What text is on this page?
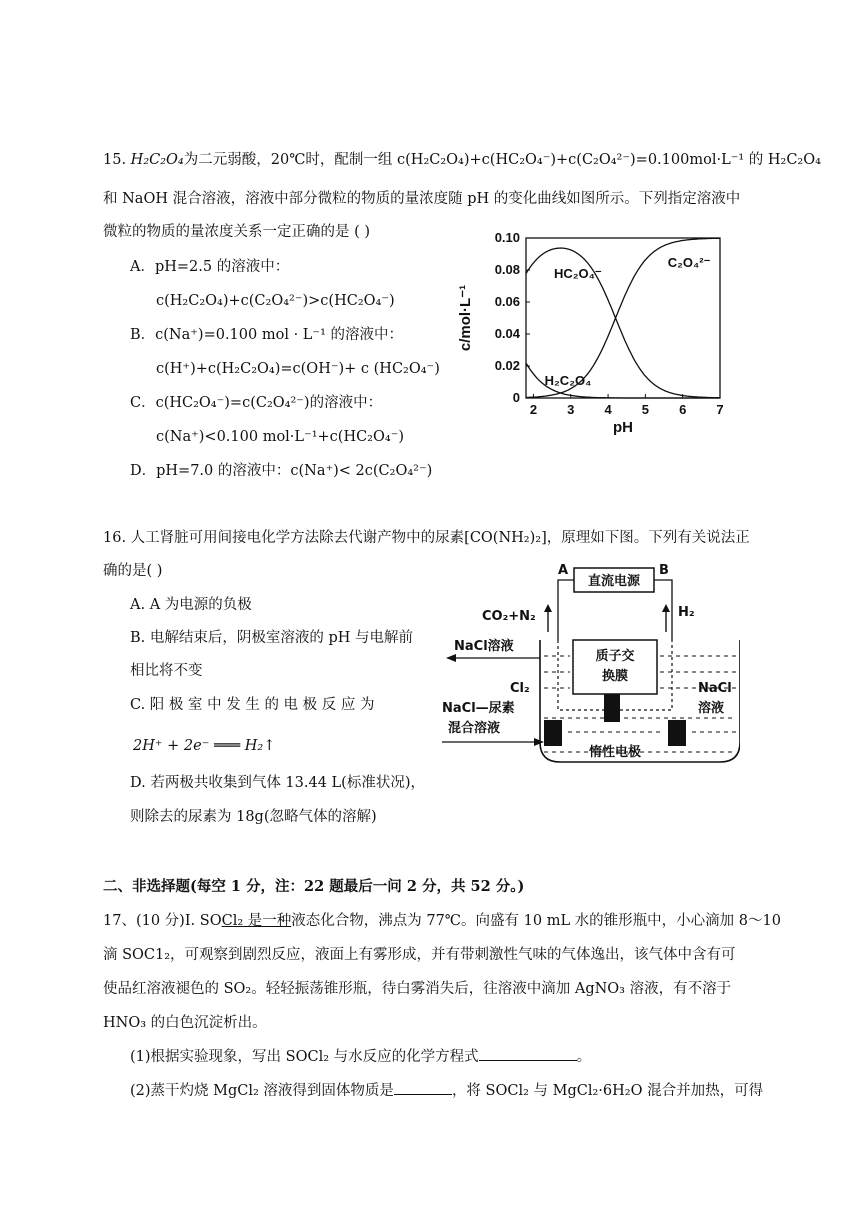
15. H₂C₂O₄为二元弱酸，20℃时，配制一组 c(H₂C₂O₄)+c(HC₂O₄⁻)+c(C₂O₄²⁻)=0.100mol·L⁻¹ 的 H₂C₂O₄
和 NaOH 混合溶液，溶液中部分微粒的物质的量浓度随 pH 的变化曲线如图所示。下列指定溶液中
微粒的物质的量浓度关系一定正确的是 ( )
A．pH=2.5 的溶液中：
c(H₂C₂O₄)+c(C₂O₄²⁻)>c(HC₂O₄⁻)
B．c(Na⁺)=0.100 mol · L⁻¹ 的溶液中：
c(H⁺)+c(H₂C₂O₄)=c(OH⁻)+ c (HC₂O₄⁻)
C．c(HC₂O₄⁻)=c(C₂O₄²⁻)的溶液中：
c(Na⁺)<0.100 mol·L⁻¹+c(HC₂O₄⁻)
D．pH=7.0 的溶液中：c(Na⁺)< 2c(C₂O₄²⁻)
2 3 4 5 6 7
0
0.02
0.04
0.06
0.08
0.10
pH
c/mol·L⁻¹
H₂C₂O₄
HC₂O₄⁻
C₂O₄²⁻
16. 人工肾脏可用间接电化学方法除去代谢产物中的尿素[CO(NH₂)₂]，原理如下图。下列有关说法正
确的是( )
A. A 为电源的负极
B. 电解结束后，阴极室溶液的 pH 与电解前
相比将不变
C. 阳 极 室 中 发 生 的 电 极 反 应 为
2H⁺ + 2e⁻ ═══ H₂↑
D. 若两极共收集到气体 13.44 L(标准状况)，
则除去的尿素为 18g(忽略气体的溶解)
直流电源
A	B
质子交
换膜
CO₂+N₂	H₂
NaCl溶液
Cl₂
NaCl—尿素
混合溶液
NaCl
溶液
惰性电极
二、非选择题(每空 1 分，注：22 题最后一问 2 分，共 52 分。)
17、(10 分)I. SOCl₂ 是一种液态化合物，沸点为 77℃。向盛有 10 mL 水的锥形瓶中，小心滴加 8～10
滴 SOC1₂，可观察到剧烈反应，液面上有雾形成，并有带刺激性气味的气体逸出，该气体中含有可
使品红溶液褪色的 SO₂。轻轻振荡锥形瓶，待白雾消失后，往溶液中滴加 AgNO₃ 溶液，有不溶于
HNO₃ 的白色沉淀析出。
(1)根据实验现象，写出 SOCl₂ 与水反应的化学方程式	。
(2)蒸干灼烧 MgCl₂ 溶液得到固体物质是	，将 SOCl₂ 与 MgCl₂·6H₂O 混合并加热，可得
